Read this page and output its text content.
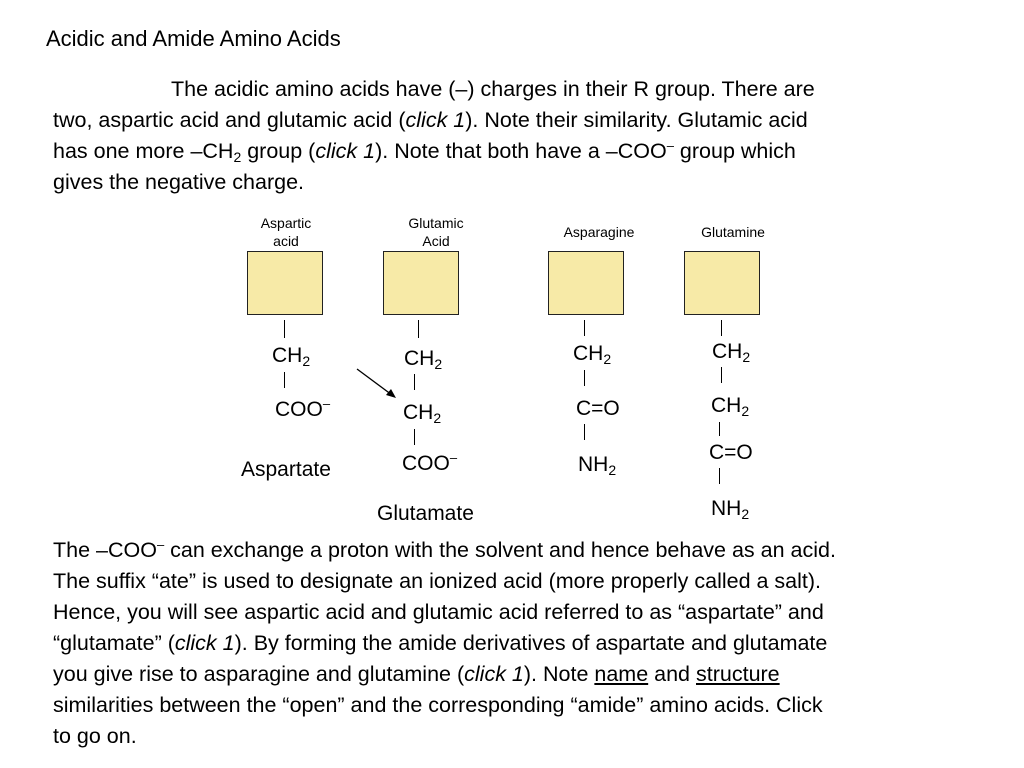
Acidic and Amide Amino Acids

The acidic amino acids have (–) charges in their R group. There are

two, aspartic acid and glutamic acid (click 1). Note their similarity. Glutamic acid

has one more $-CH_2$ group (click 1). Note that both have a –COO– group which

gives the negative charge.

Aspartic
acid
$CH_2$
COO–
Aspartate
Glutamic
Acid
$CH_2$
$CH_2$
COO–
Glutamate
Asparagine
$CH_2$
C=O
$NH_2$
Glutamine
$CH_2$
$CH_2$
C=O
$NH_2$

The –COO– can exchange a proton with the solvent and hence behave as an acid.

The suffix “ate” is used to designate an ionized acid (more properly called a salt).

Hence, you will see aspartic acid and glutamic acid referred to as “aspartate” and

“glutamate” (click 1). By forming the amide derivatives of aspartate and glutamate

you give rise to asparagine and glutamine (click 1). Note name and structure

similarities between the “open” and the corresponding “amide” amino acids. Click

to go on.
